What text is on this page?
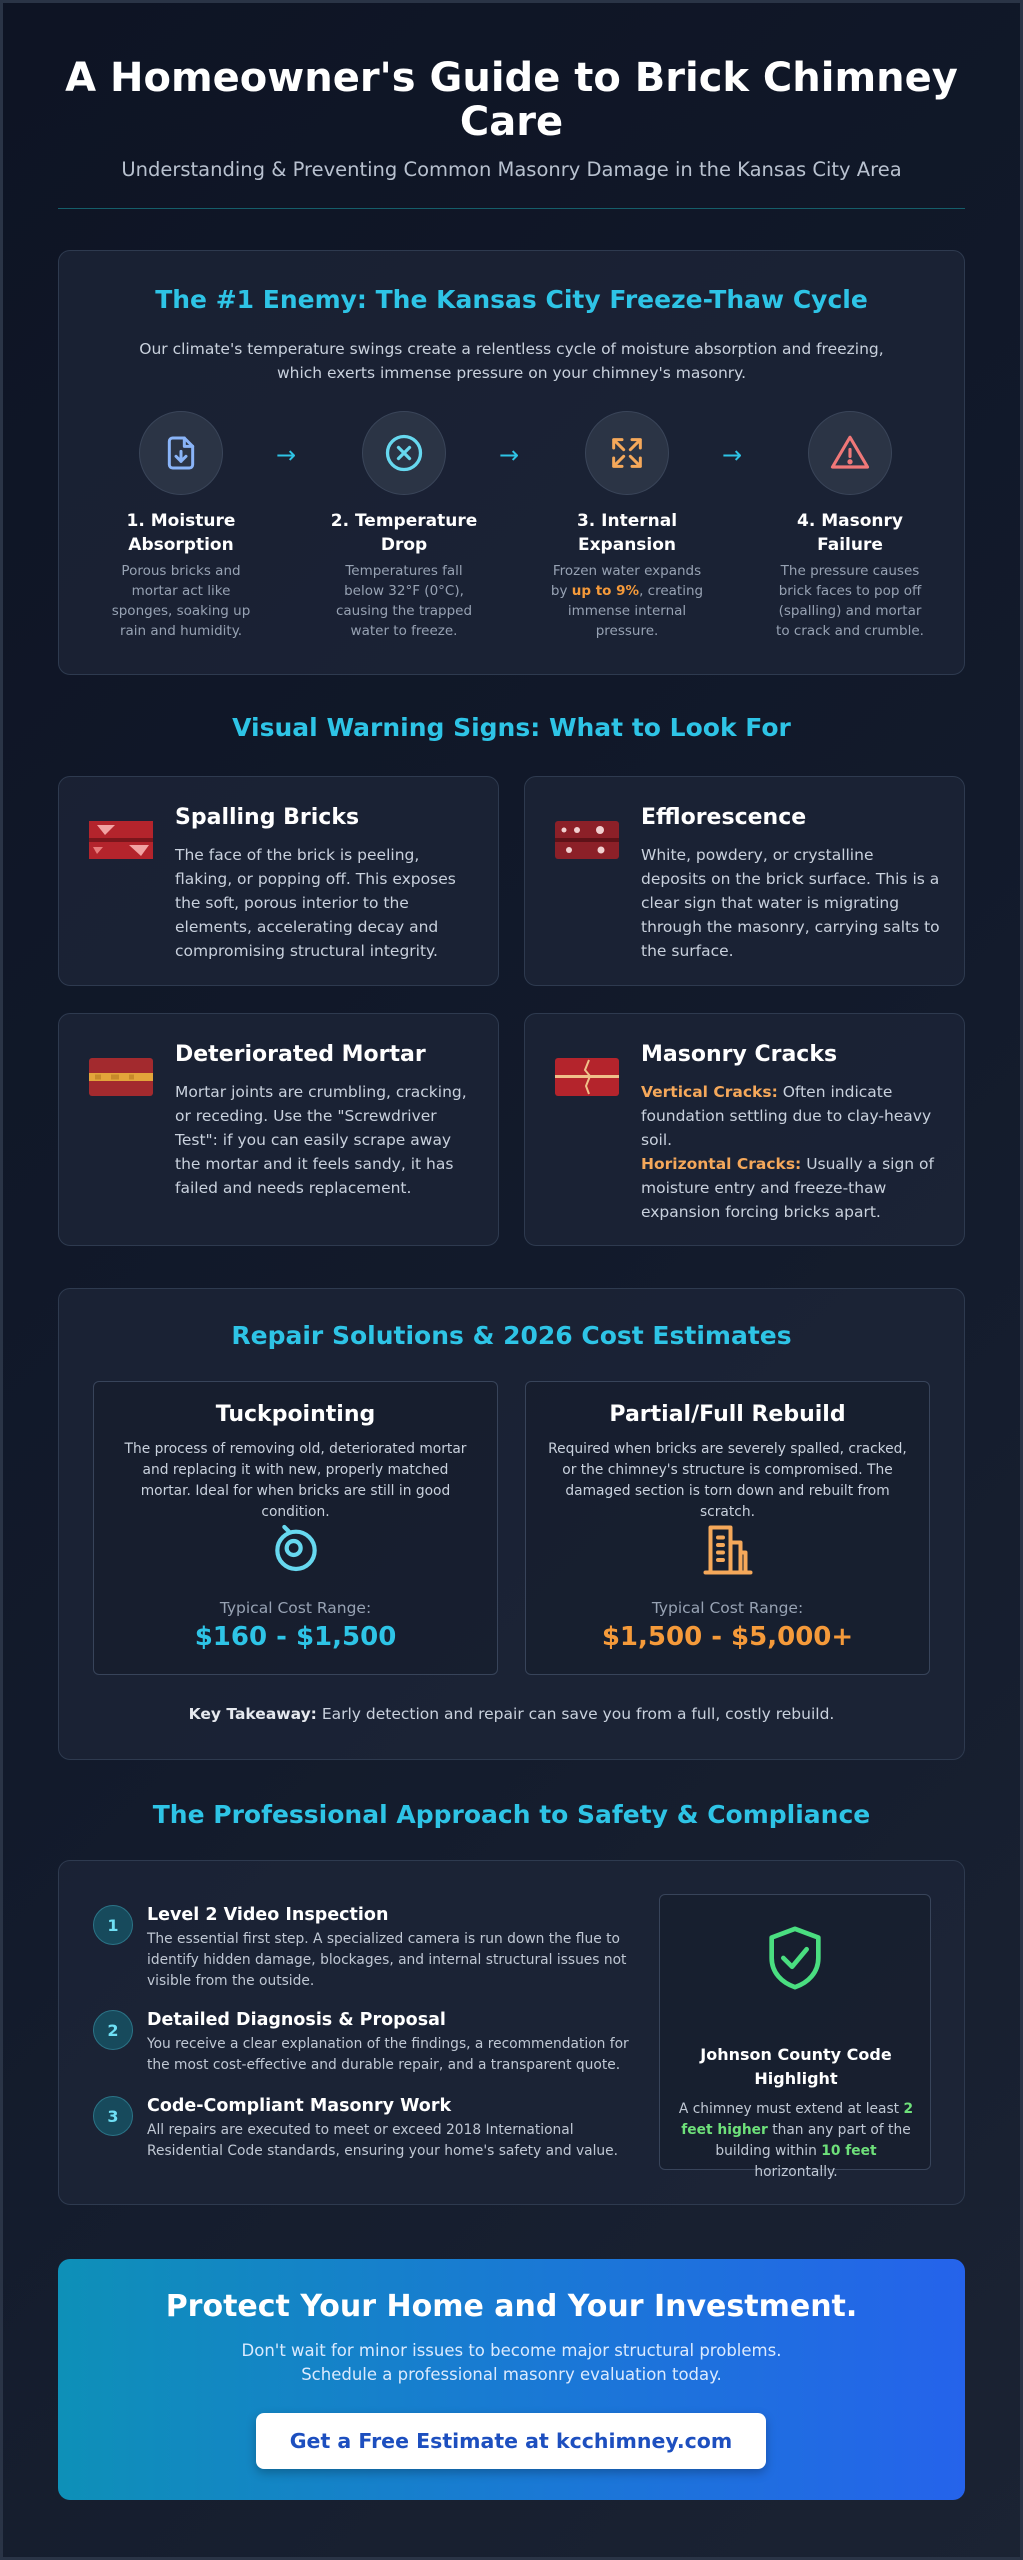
A Homeowner's Guide to Brick Chimney Care
Understanding & Preventing Common Masonry Damage in the Kansas City Area
The #1 Enemy: The Kansas City Freeze-Thaw Cycle
Our climate's temperature swings create a relentless cycle of moisture absorption and freezing, which exerts immense pressure on your chimney's masonry.
1. Moisture Absorption
Porous bricks and mortar act like sponges, soaking up rain and humidity.
→
2. Temperature Drop
Temperatures fall below 32°F (0°C), causing the trapped water to freeze.
→
3. Internal Expansion
Frozen water expands by up to 9%, creating immense internal pressure.
→
4. Masonry Failure
The pressure causes brick faces to pop off (spalling) and mortar to crack and crumble.
Visual Warning Signs: What to Look For
Spalling Bricks
The face of the brick is peeling, flaking, or popping off. This exposes the soft, porous interior to the elements, accelerating decay and compromising structural integrity.
Efflorescence
White, powdery, or crystalline deposits on the brick surface. This is a clear sign that water is migrating through the masonry, carrying salts to the surface.
Deteriorated Mortar
Mortar joints are crumbling, cracking, or receding. Use the "Screwdriver Test": if you can easily scrape away the mortar and it feels sandy, it has failed and needs replacement.
Masonry Cracks
Vertical Cracks: Often indicate foundation settling due to clay-heavy soil.
Horizontal Cracks: Usually a sign of moisture entry and freeze-thaw expansion forcing bricks apart.
Repair Solutions & 2026 Cost Estimates
Tuckpointing
The process of removing old, deteriorated mortar and replacing it with new, properly matched mortar. Ideal for when bricks are still in good condition.
Typical Cost Range:
$160 - $1,500
Partial/Full Rebuild
Required when bricks are severely spalled, cracked, or the chimney's structure is compromised. The damaged section is torn down and rebuilt from scratch.
Typical Cost Range:
$1,500 - $5,000+
Key Takeaway: Early detection and repair can save you from a full, costly rebuild.
The Professional Approach to Safety & Compliance
1	Level 2 Video Inspection
The essential first step. A specialized camera is run down the flue to identify hidden damage, blockages, and internal structural issues not visible from the outside.
2	Detailed Diagnosis & Proposal
You receive a clear explanation of the findings, a recommendation for the most cost-effective and durable repair, and a transparent quote.
3	Code-Compliant Masonry Work
All repairs are executed to meet or exceed 2018 International Residential Code standards, ensuring your home's safety and value.
Johnson County Code Highlight
A chimney must extend at least 2 feet higher than any part of the building within 10 feet horizontally.
Protect Your Home and Your Investment.
Don't wait for minor issues to become major structural problems.
Schedule a professional masonry evaluation today.
Get a Free Estimate at kcchimney.com
